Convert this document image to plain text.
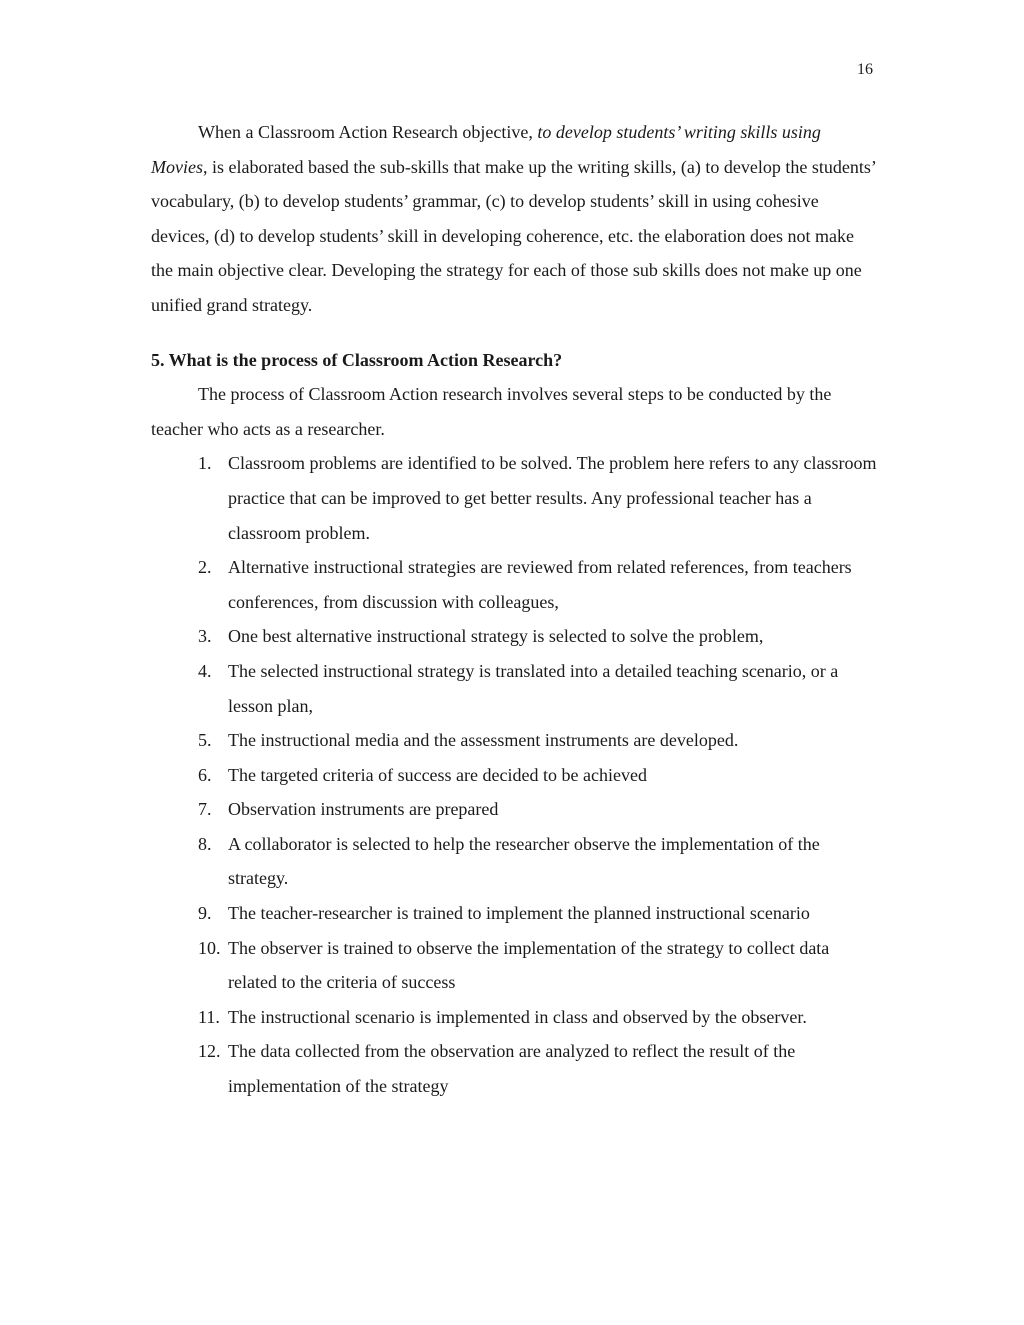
16

When a Classroom Action Research objective, to develop students’ writing skills using Movies, is elaborated based the sub-skills that make up the writing skills, (a) to develop the students’ vocabulary, (b) to develop students’ grammar, (c) to develop students’ skill in using cohesive devices, (d) to develop students’ skill in developing coherence, etc. the elaboration does not make the main objective clear. Developing the strategy for each of those sub skills does not make up one unified grand strategy.

5. What is the process of Classroom Action Research?

The process of Classroom Action research involves several steps to be conducted by the teacher who acts as a researcher.

1. Classroom problems are identified to be solved. The problem here refers to any classroom practice that can be improved to get better results. Any professional teacher has a classroom problem.
2. Alternative instructional strategies are reviewed from related references, from teachers conferences, from discussion with colleagues,
3. One best alternative instructional strategy is selected to solve the problem,
4. The selected instructional strategy is translated into a detailed teaching scenario, or a lesson plan,
5. The instructional media and the assessment instruments are developed.
6. The targeted criteria of success are decided to be achieved
7. Observation instruments are prepared
8. A collaborator is selected to help the researcher observe the implementation of the strategy.
9. The teacher-researcher is trained to implement the planned instructional scenario
10. The observer is trained to observe the implementation of the strategy to collect data related to the criteria of success
11. The instructional scenario is implemented in class and observed by the observer.
12. The data collected from the observation are analyzed to reflect the result of the implementation of the strategy
